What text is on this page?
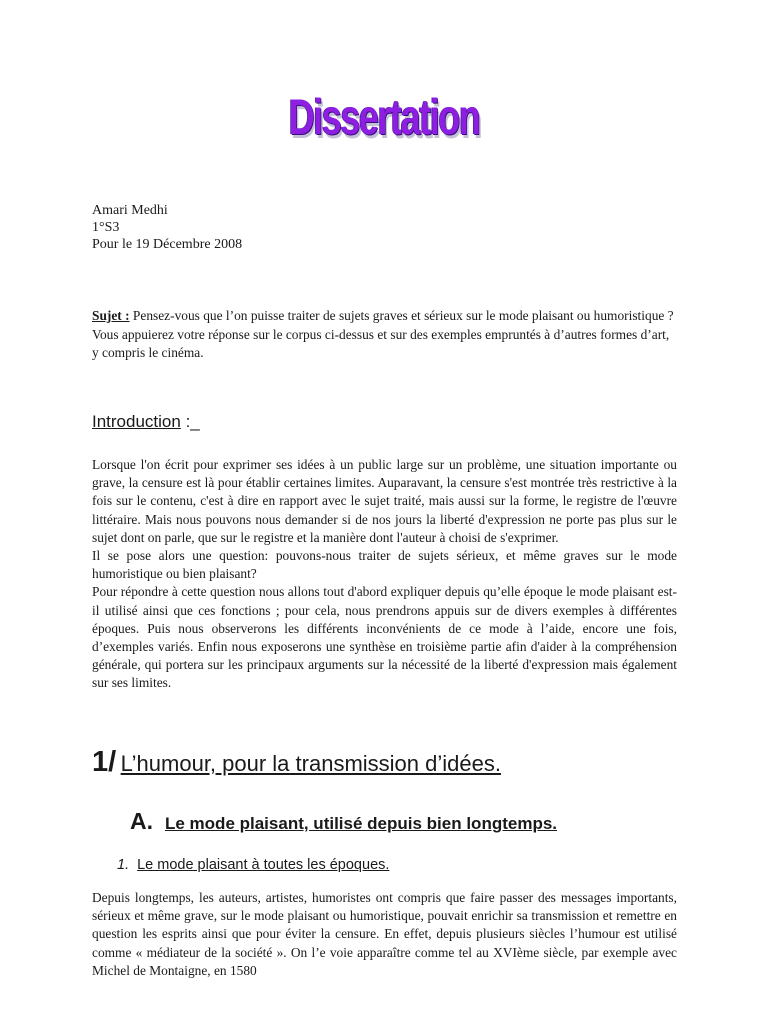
Dissertation
Amari Medhi
1°S3
Pour le 19 Décembre 2008
Sujet : Pensez-vous que l’on puisse traiter de sujets graves et sérieux sur le mode plaisant ou humoristique ? Vous appuierez votre réponse sur le corpus ci-dessus et sur des exemples empruntés à d’autres formes d’art, y compris le cinéma.
Introduction :_

Lorsque l'on écrit pour exprimer ses idées à un public large sur un problème, une situation importante ou grave, la censure est là pour établir certaines limites. Auparavant, la censure s'est montrée très restrictive à la fois sur le contenu, c'est à dire en rapport avec le sujet traité, mais aussi sur la forme, le registre de l'œuvre littéraire. Mais nous pouvons nous demander si de nos jours la liberté d'expression ne porte pas plus sur le sujet dont on parle, que sur le registre et la manière dont l'auteur à choisi de s'exprimer.

Il se pose alors une question: pouvons-nous traiter de sujets sérieux, et même graves sur le mode humoristique ou bien plaisant?

Pour répondre à cette question nous allons tout d'abord expliquer depuis qu’elle époque le mode plaisant est-il utilisé ainsi que ces fonctions ; pour cela, nous prendrons appuis sur de divers exemples à différentes époques. Puis nous observerons les différents inconvénients de ce mode à l’aide, encore une fois, d’exemples variés. Enfin nous exposerons une synthèse en troisième partie afin d'aider à la compréhension générale, qui portera sur les principaux arguments sur la nécessité de la liberté d'expression mais également sur ses limites.

1/ L’humour, pour la transmission d’idées.
A. Le mode plaisant, utilisé depuis bien longtemps.
1. Le mode plaisant à toutes les époques.

Depuis longtemps, les auteurs, artistes, humoristes ont compris que faire passer des messages importants, sérieux et même grave, sur le mode plaisant ou humoristique, pouvait enrichir sa transmission et remettre en question les esprits ainsi que pour éviter la censure. En effet, depuis plusieurs siècles l’humour est utilisé comme « médiateur de la société ». On l’e voie apparaître comme tel au XVIème siècle, par exemple avec Michel de Montaigne, en 1580
